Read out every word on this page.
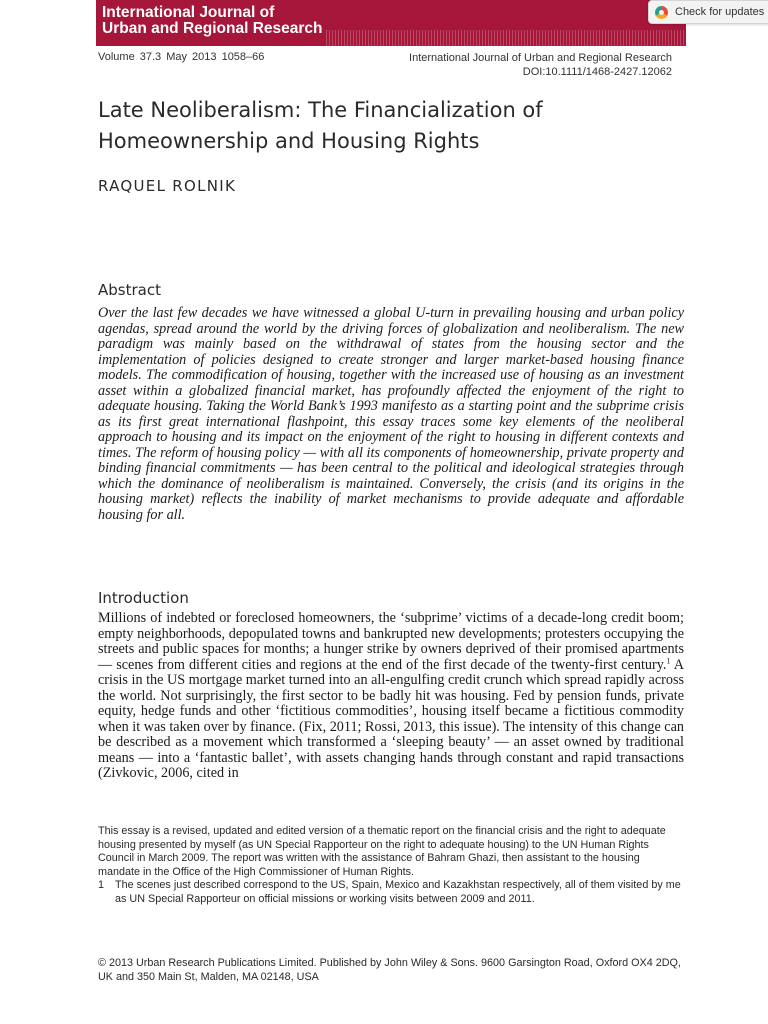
International Journal of
Urban and Regional Research
Check for updates
Volume 37.3 May 2013 1058–66	International Journal of Urban and Regional Research
DOI:10.1111/1468-2427.12062
Late Neoliberalism: The Financialization of
Homeownership and Housing Rights

RAQUEL ROLNIK

Abstract

Over the last few decades we have witnessed a global U-turn in prevailing housing and urban policy agendas, spread around the world by the driving forces of globalization and neoliberalism. The new paradigm was mainly based on the withdrawal of states from the housing sector and the implementation of policies designed to create stronger and larger market-based housing finance models. The commodification of housing, together with the increased use of housing as an investment asset within a globalized financial market, has profoundly affected the enjoyment of the right to adequate housing. Taking the World Bank’s 1993 manifesto as a starting point and the subprime crisis as its first great international flashpoint, this essay traces some key elements of the neoliberal approach to housing and its impact on the enjoyment of the right to housing in different contexts and times. The reform of housing policy — with all its components of homeownership, private property and binding financial commitments — has been central to the political and ideological strategies through which the dominance of neoliberalism is maintained. Conversely, the crisis (and its origins in the housing market) reflects the inability of market mechanisms to provide adequate and affordable housing for all.

Introduction

Millions of indebted or foreclosed homeowners, the ‘subprime’ victims of a decade-long credit boom; empty neighborhoods, depopulated towns and bankrupted new developments; protesters occupying the streets and public spaces for months; a hunger strike by owners deprived of their promised apartments — scenes from different cities and regions at the end of the first decade of the twenty-first century.$^1$ A crisis in the US mortgage market turned into an all-engulfing credit crunch which spread rapidly across the world. Not surprisingly, the first sector to be badly hit was housing. Fed by pension funds, private equity, hedge funds and other ‘fictitious commodities’, housing itself became a fictitious commodity when it was taken over by finance. (Fix, 2011; Rossi, 2013, this issue). The intensity of this change can be described as a movement which transformed a ‘sleeping beauty’ — an asset owned by traditional means — into a ‘fantastic ballet’, with assets changing hands through constant and rapid transactions (Zivkovic, 2006, cited in

This essay is a revised, updated and edited version of a thematic report on the financial crisis and the right to adequate housing presented by myself (as UN Special Rapporteur on the right to adequate housing) to the UN Human Rights Council in March 2009. The report was written with the assistance of Bahram Ghazi, then assistant to the housing mandate in the Office of the High Commissioner of Human Rights.

1	The scenes just described correspond to the US, Spain, Mexico and Kazakhstan respectively, all of them visited by me as UN Special Rapporteur on official missions or working visits between 2009 and 2011.

© 2013 Urban Research Publications Limited. Published by John Wiley & Sons. 9600 Garsington Road, Oxford OX4 2DQ, UK and 350 Main St, Malden, MA 02148, USA
